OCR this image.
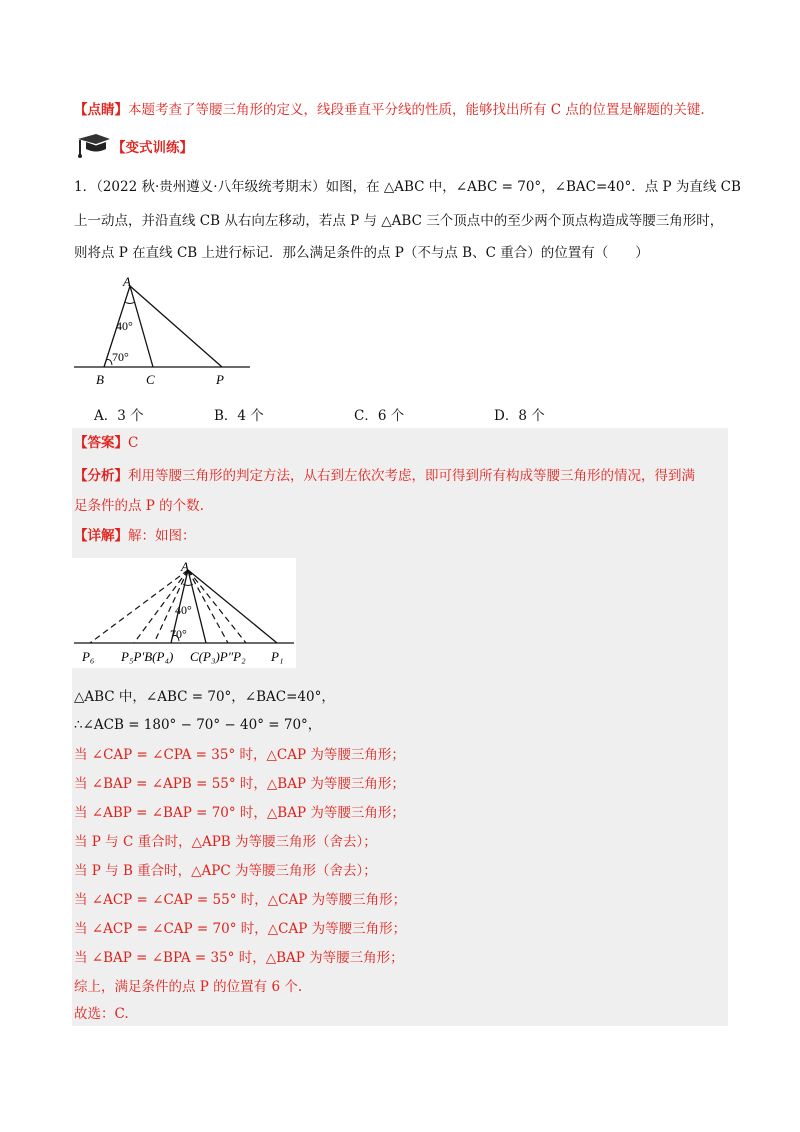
【点睛】本题考查了等腰三角形的定义，线段垂直平分线的性质，能够找出所有 C 点的位置是解题的关键.
【变式训练】
1．（2022 秋·贵州遵义·八年级统考期末）如图，在 △ABC 中，∠ABC = 70°，∠BAC=40°．点 P 为直线 CB
上一动点，并沿直线 CB 从右向左移动，若点 P 与 △ABC 三个顶点中的至少两个顶点构造成等腰三角形时，
则将点 P 在直线 CB 上进行标记．那么满足条件的点 P（不与点 B、C 重合）的位置有（　　）
A
40°
70°
B	C	P
A．3 个	B．4 个	C．6 个	D．8 个
【答案】C
【分析】利用等腰三角形的判定方法，从右到左依次考虑，即可得到所有构成等腰三角形的情况，得到满
足条件的点 P 的个数.
【详解】解：如图：
A
40°
70°
P₆ P₅P′B(P₄) C(P₃)P″P₂ P₁
△ABC 中，∠ABC = 70°，∠BAC=40°，
∴∠ACB = 180° − 70° − 40° = 70°，
当 ∠CAP = ∠CPA = 35° 时，△CAP 为等腰三角形；
当 ∠BAP = ∠APB = 55° 时，△BAP 为等腰三角形；
当 ∠ABP = ∠BAP = 70° 时，△BAP 为等腰三角形；
当 P 与 C 重合时，△APB 为等腰三角形（舍去）；
当 P 与 B 重合时，△APC 为等腰三角形（舍去）；
当 ∠ACP = ∠CAP = 55° 时，△CAP 为等腰三角形；
当 ∠ACP = ∠CAP = 70° 时，△CAP 为等腰三角形；
当 ∠BAP = ∠BPA = 35° 时，△BAP 为等腰三角形；
综上，满足条件的点 P 的位置有 6 个.
故选：C.
